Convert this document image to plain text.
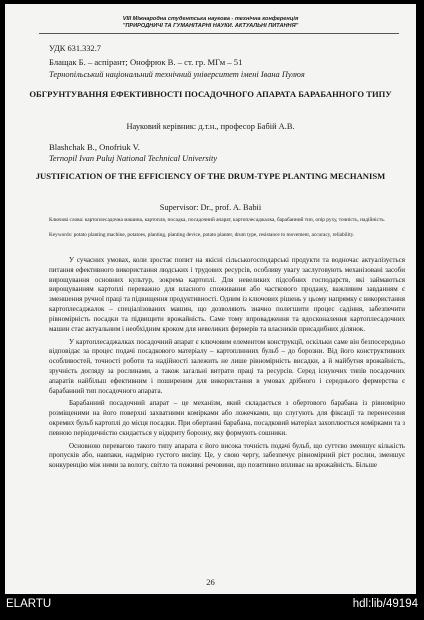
VIII Міжнародна студентська наукова - технічна конференція
"ПРИРОДНИЧІ ТА ГУМАНІТАРНІ НАУКИ. АКТУАЛЬНІ ПИТАННЯ"
УДК 631.332.7
Блащак Б. – аспірант; Онофрюк В. – ст. гр. МГм – 51
Тернопільський національний технічний університет імені Івана Пулюя
ОБГРУНТУВАННЯ ЕФЕКТИВНОСТІ ПОСАДОЧНОГО АПАРАТА БАРАБАННОГО ТИПУ
Науковий керівник: д.т.н., професор Бабій А.В.
Blashchak B., Onofriuk V.
Ternopil Ivan Puluj National Technical University
JUSTIFICATION OF THE EFFICIENCY OF THE DRUM-TYPE PLANTING MECHANISM
Supervisor: Dr., prof. A. Babii
Ключові слова: картоплесадочна машина, картопля, посадка, посадочний апарат, картоплесаджалка, барабанний тип, опір руху, точність, надійність.
Keywords: potato planting machine, potatoes, planting, planting device, potato planter, drum type, resistance to movement, accuracy, reliability.

У сучасних умовах, коли зростає попит на якісні сільськогосподарські продукти та водночас актуалізується питання ефективного використання людських і трудових ресурсів, особливу увагу заслуговують механізовані засоби вирощування основних культур, зокрема картоплі. Для невеликих підсобних господарств, які займаються вирощуванням картоплі переважно для власного споживання або часткового продажу, важливим завданням є зменшення ручної праці та підвищення продуктивності. Одним із ключових рішень у цьому напрямку є використання картоплесаджалок – спеціалізованих машин, що дозволяють значно полегшити процес садіння, забезпечити рівномірність посадки та підвищити врожайність. Саме тому впровадження та вдосконалення картоплесадочних машин стає актуальним і необхідним кроком для невеликих фермерів та власників присадибних ділянок.

У картоплесаджалках посадочний апарат є ключовим елементом конструкції, оскільки саме він безпосередньо відповідає за процес подачі посадкового матеріалу – картоплинних бульб – до борозни. Від його конструктивних особливостей, точності роботи та надійності залежить не лише рівномірність висадки, а й майбутня врожайність, зручність догляду за рослинами, а також загальні витрати праці та ресурсів. Серед існуючих типів посадочних апаратів найбільш ефективним і поширеним для використання в умовах дрібного і середнього фермерства є барабанний тип посадочного апарата.

Барабанний посадочний апарат – це механізм, який складається з обертового барабана із рівномірно розміщеними на його поверхні захватними комірками або ложечками, що слугують для фіксації та перенесення окремих бульб картоплі до місця посадки. При обертанні барабана, посадковий матеріал захоплюється комірками та з певною періодичністю скидається у відкриту борозну, яку формують сошники.

Основною перевагою такого типу апарата є його висока точність подачі бульб, що суттєво зменшує кількість пропусків або, навпаки, надмірно густого висіву. Це, у свою чергу, забезпечує рівномірний ріст рослин, зменшує конкуренцію між ними за вологу, світло та поживні речовини, що позитивно впливає на врожайність. Більше

26
ELARTU	hdl:lib/49194
